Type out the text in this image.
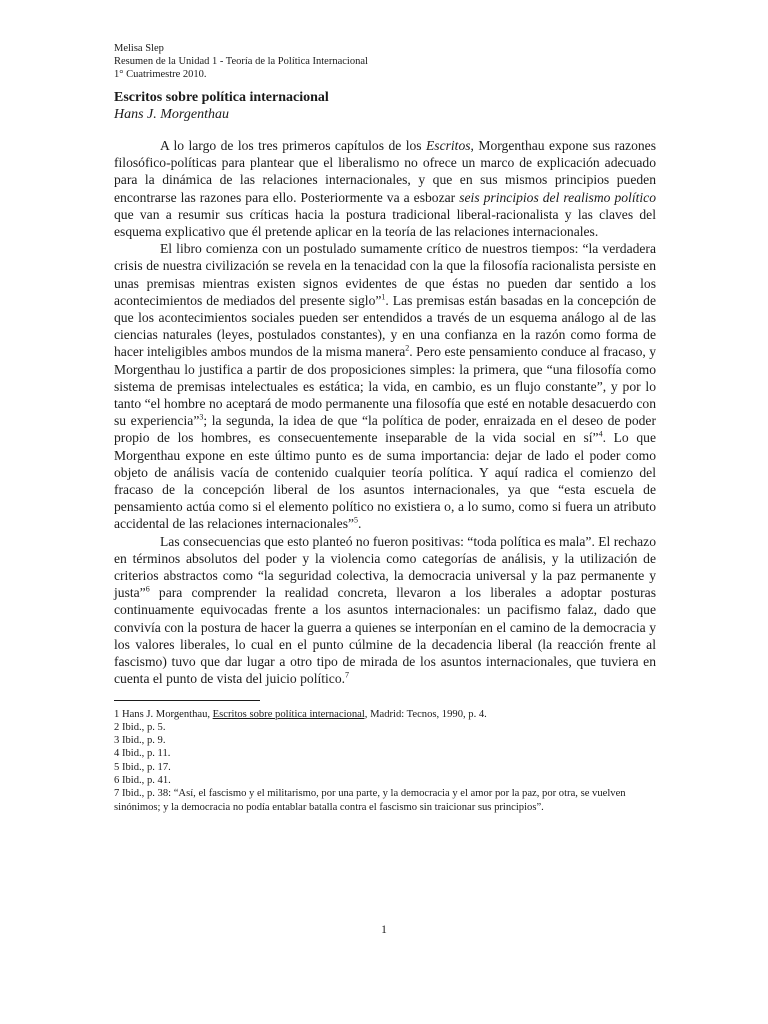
Melisa Slep
Resumen de la Unidad 1 - Teoría de la Política Internacional
1° Cuatrimestre 2010.
Escritos sobre política internacional
Hans J. Morgenthau

A lo largo de los tres primeros capítulos de los Escritos, Morgenthau expone sus razones filosófico-políticas para plantear que el liberalismo no ofrece un marco de explicación adecuado para la dinámica de las relaciones internacionales, y que en sus mismos principios pueden encontrarse las razones para ello. Posteriormente va a esbozar seis principios del realismo político que van a resumir sus críticas hacia la postura tradicional liberal-racionalista y las claves del esquema explicativo que él pretende aplicar en la teoría de las relaciones internacionales.

El libro comienza con un postulado sumamente crítico de nuestros tiempos: “la verdadera crisis de nuestra civilización se revela en la tenacidad con la que la filosofía racionalista persiste en unas premisas mientras existen signos evidentes de que éstas no pueden dar sentido a los acontecimientos de mediados del presente siglo”$^1$. Las premisas están basadas en la concepción de que los acontecimientos sociales pueden ser entendidos a través de un esquema análogo al de las ciencias naturales (leyes, postulados constantes), y en una confianza en la razón como forma de hacer inteligibles ambos mundos de la misma manera$^2$. Pero este pensamiento conduce al fracaso, y Morgenthau lo justifica a partir de dos proposiciones simples: la primera, que “una filosofía como sistema de premisas intelectuales es estática; la vida, en cambio, es un flujo constante”, y por lo tanto “el hombre no aceptará de modo permanente una filosofía que esté en notable desacuerdo con su experiencia”$^3$; la segunda, la idea de que “la política de poder, enraizada en el deseo de poder propio de los hombres, es consecuentemente inseparable de la vida social en sí”$^4$. Lo que Morgenthau expone en este último punto es de suma importancia: dejar de lado el poder como objeto de análisis vacía de contenido cualquier teoría política. Y aquí radica el comienzo del fracaso de la concepción liberal de los asuntos internacionales, ya que “esta escuela de pensamiento actúa como si el elemento político no existiera o, a lo sumo, como si fuera un atributo accidental de las relaciones internacionales”$^5$.

Las consecuencias que esto planteó no fueron positivas: “toda política es mala”. El rechazo en términos absolutos del poder y la violencia como categorías de análisis, y la utilización de criterios abstractos como “la seguridad colectiva, la democracia universal y la paz permanente y justa”$^6$ para comprender la realidad concreta, llevaron a los liberales a adoptar posturas continuamente equivocadas frente a los asuntos internacionales: un pacifismo falaz, dado que convivía con la postura de hacer la guerra a quienes se interponían en el camino de la democracia y los valores liberales, lo cual en el punto cúlmine de la decadencia liberal (la reacción frente al fascismo) tuvo que dar lugar a otro tipo de mirada de los asuntos internacionales, que tuviera en cuenta el punto de vista del juicio político.$^7$

1 Hans J. Morgenthau, Escritos sobre política internacional, Madrid: Tecnos, 1990, p. 4.
2 Ibid., p. 5.
3 Ibid., p. 9.
4 Ibid., p. 11.
5 Ibid., p. 17.
6 Ibid., p. 41.
7 Ibid., p. 38: “Así, el fascismo y el militarismo, por una parte, y la democracia y el amor por la paz, por otra, se vuelven sinónimos; y la democracia no podía entablar batalla contra el fascismo sin traicionar sus principios”.
1
